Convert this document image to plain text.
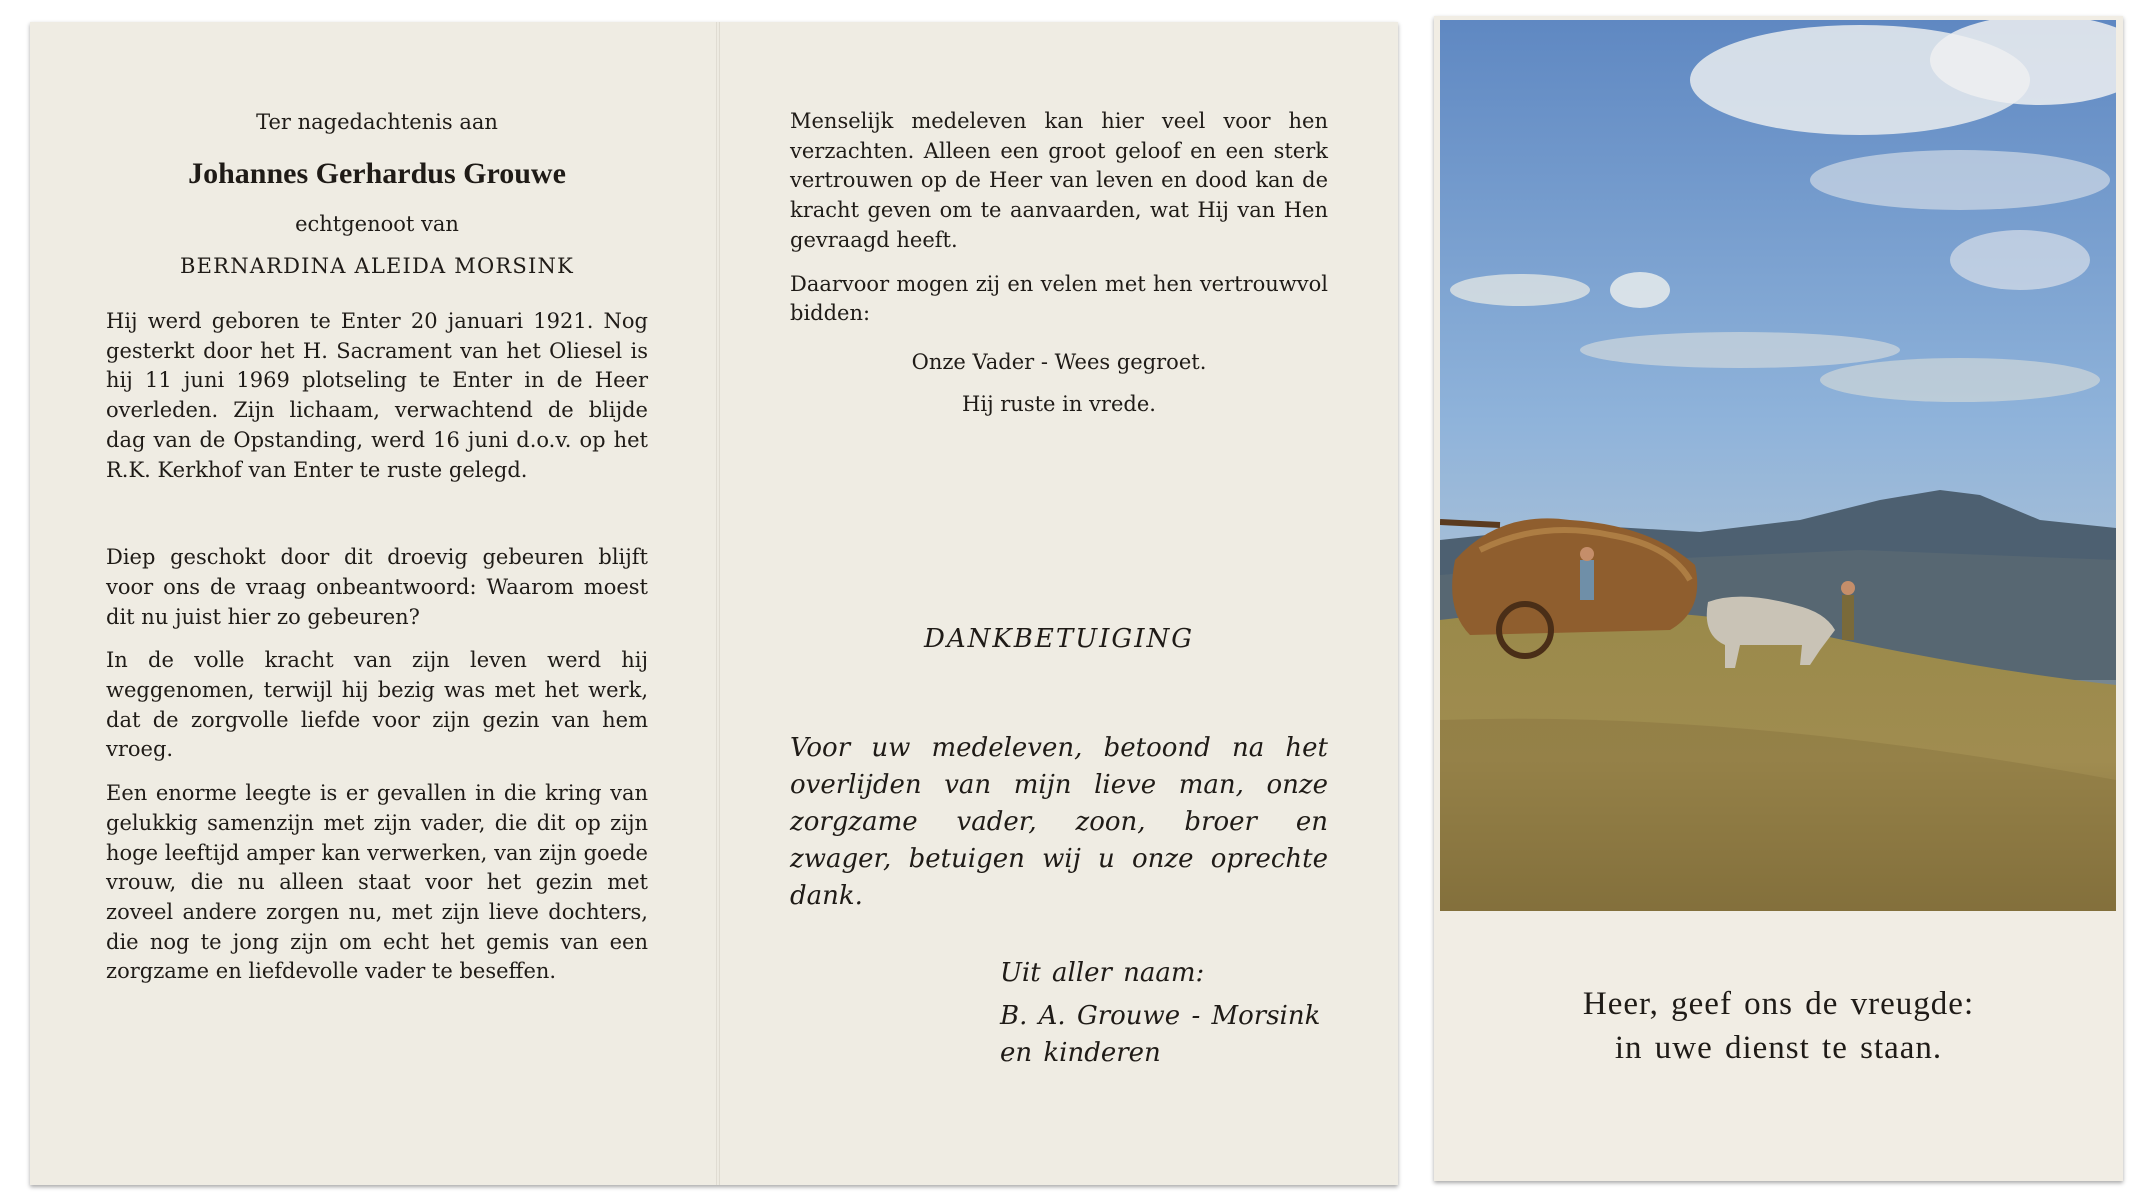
Ter nagedachtenis aan

Johannes Gerhardus Grouwe

echtgenoot van

BERNARDINA ALEIDA MORSINK

Hij werd geboren te Enter 20 januari 1921. Nog gesterkt door het H. Sacrament van het Oliesel is hij 11 juni 1969 plotseling te Enter in de Heer overleden. Zijn lichaam, verwachtend de blijde dag van de Opstanding, werd 16 juni d.o.v. op het R.K. Kerkhof van Enter te ruste gelegd.

Diep geschokt door dit droevig gebeuren blijft voor ons de vraag onbeantwoord: Waarom moest dit nu juist hier zo gebeuren?

In de volle kracht van zijn leven werd hij weggenomen, terwijl hij bezig was met het werk, dat de zorgvolle liefde voor zijn gezin van hem vroeg.

Een enorme leegte is er gevallen in die kring van gelukkig samenzijn met zijn vader, die dit op zijn hoge leeftijd amper kan verwerken, van zijn goede vrouw, die nu alleen staat voor het gezin met zoveel andere zorgen nu, met zijn lieve dochters, die nog te jong zijn om echt het gemis van een zorgzame en liefdevolle vader te beseffen.

Menselijk medeleven kan hier veel voor hen verzachten. Alleen een groot geloof en een sterk vertrouwen op de Heer van leven en dood kan de kracht geven om te aanvaarden, wat Hij van Hen gevraagd heeft.

Daarvoor mogen zij en velen met hen vertrouwvol bidden:

Onze Vader - Wees gegroet.

Hij ruste in vrede.

DANKBETUIGING

Voor uw medeleven, betoond na het overlijden van mijn lieve man, onze zorgzame vader, zoon, broer en zwager, betuigen wij u onze oprechte dank.

Uit aller naam:

B. A. Grouwe - Morsink

en kinderen

Heer, geef ons de vreugde:
in uwe dienst te staan.
